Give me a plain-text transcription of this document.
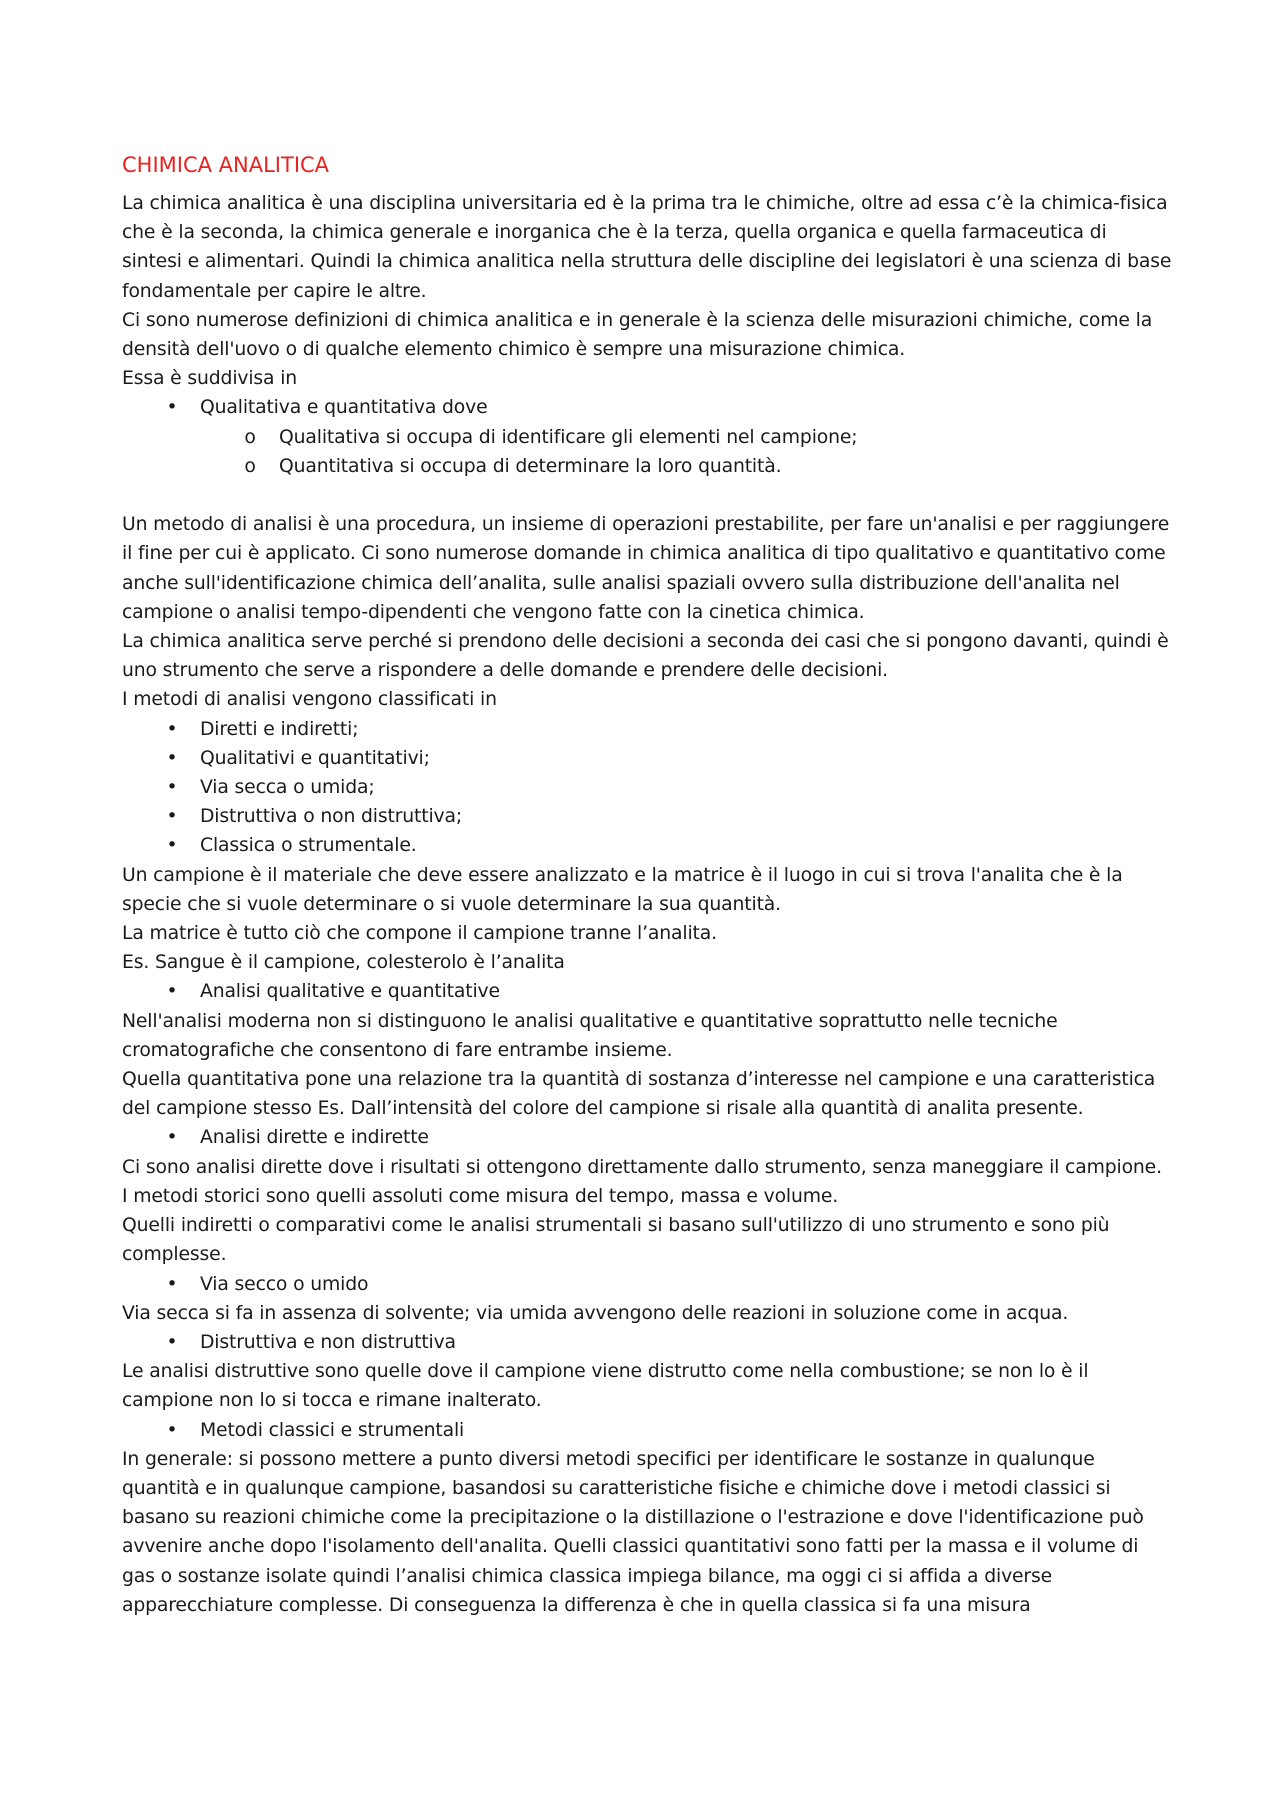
CHIMICA ANALITICA

La chimica analitica è una disciplina universitaria ed è la prima tra le chimiche, oltre ad essa c’è la chimica-fisica che è la seconda, la chimica generale e inorganica che è la terza, quella organica e quella farmaceutica di sintesi e alimentari. Quindi la chimica analitica nella struttura delle discipline dei legislatori è una scienza di base fondamentale per capire le altre.

Ci sono numerose definizioni di chimica analitica e in generale è la scienza delle misurazioni chimiche, come la densità dell'uovo o di qualche elemento chimico è sempre una misurazione chimica.

Essa è suddivisa in

• Qualitativa e quantitativa dove
o Qualitativa si occupa di identificare gli elementi nel campione;
o Quantitativa si occupa di determinare la loro quantità.

Un metodo di analisi è una procedura, un insieme di operazioni prestabilite, per fare un'analisi e per raggiungere il fine per cui è applicato. Ci sono numerose domande in chimica analitica di tipo qualitativo e quantitativo come anche sull'identificazione chimica dell’analita, sulle analisi spaziali ovvero sulla distribuzione dell'analita nel campione o analisi tempo-dipendenti che vengono fatte con la cinetica chimica.

La chimica analitica serve perché si prendono delle decisioni a seconda dei casi che si pongono davanti, quindi è uno strumento che serve a rispondere a delle domande e prendere delle decisioni.

I metodi di analisi vengono classificati in

• Diretti e indiretti;
• Qualitativi e quantitativi;
• Via secca o umida;
• Distruttiva o non distruttiva;
• Classica o strumentale.

Un campione è il materiale che deve essere analizzato e la matrice è il luogo in cui si trova l'analita che è la specie che si vuole determinare o si vuole determinare la sua quantità.

La matrice è tutto ciò che compone il campione tranne l’analita.

Es. Sangue è il campione, colesterolo è l’analita

• Analisi qualitative e quantitative

Nell'analisi moderna non si distinguono le analisi qualitative e quantitative soprattutto nelle tecniche cromatografiche che consentono di fare entrambe insieme.

Quella quantitativa pone una relazione tra la quantità di sostanza d’interesse nel campione e una caratteristica del campione stesso Es. Dall’intensità del colore del campione si risale alla quantità di analita presente.

• Analisi dirette e indirette

Ci sono analisi dirette dove i risultati si ottengono direttamente dallo strumento, senza maneggiare il campione. I metodi storici sono quelli assoluti come misura del tempo, massa e volume.

Quelli indiretti o comparativi come le analisi strumentali si basano sull'utilizzo di uno strumento e sono più complesse.

• Via secco o umido

Via secca si fa in assenza di solvente; via umida avvengono delle reazioni in soluzione come in acqua.

• Distruttiva e non distruttiva

Le analisi distruttive sono quelle dove il campione viene distrutto come nella combustione; se non lo è il campione non lo si tocca e rimane inalterato.

• Metodi classici e strumentali

In generale: si possono mettere a punto diversi metodi specifici per identificare le sostanze in qualunque quantità e in qualunque campione, basandosi su caratteristiche fisiche e chimiche dove i metodi classici si basano su reazioni chimiche come la precipitazione o la distillazione o l'estrazione e dove l'identificazione può avvenire anche dopo l'isolamento dell'analita. Quelli classici quantitativi sono fatti per la massa e il volume di gas o sostanze isolate quindi l’analisi chimica classica impiega bilance, ma oggi ci si affida a diverse apparecchiature complesse. Di conseguenza la differenza è che in quella classica si fa una misura
